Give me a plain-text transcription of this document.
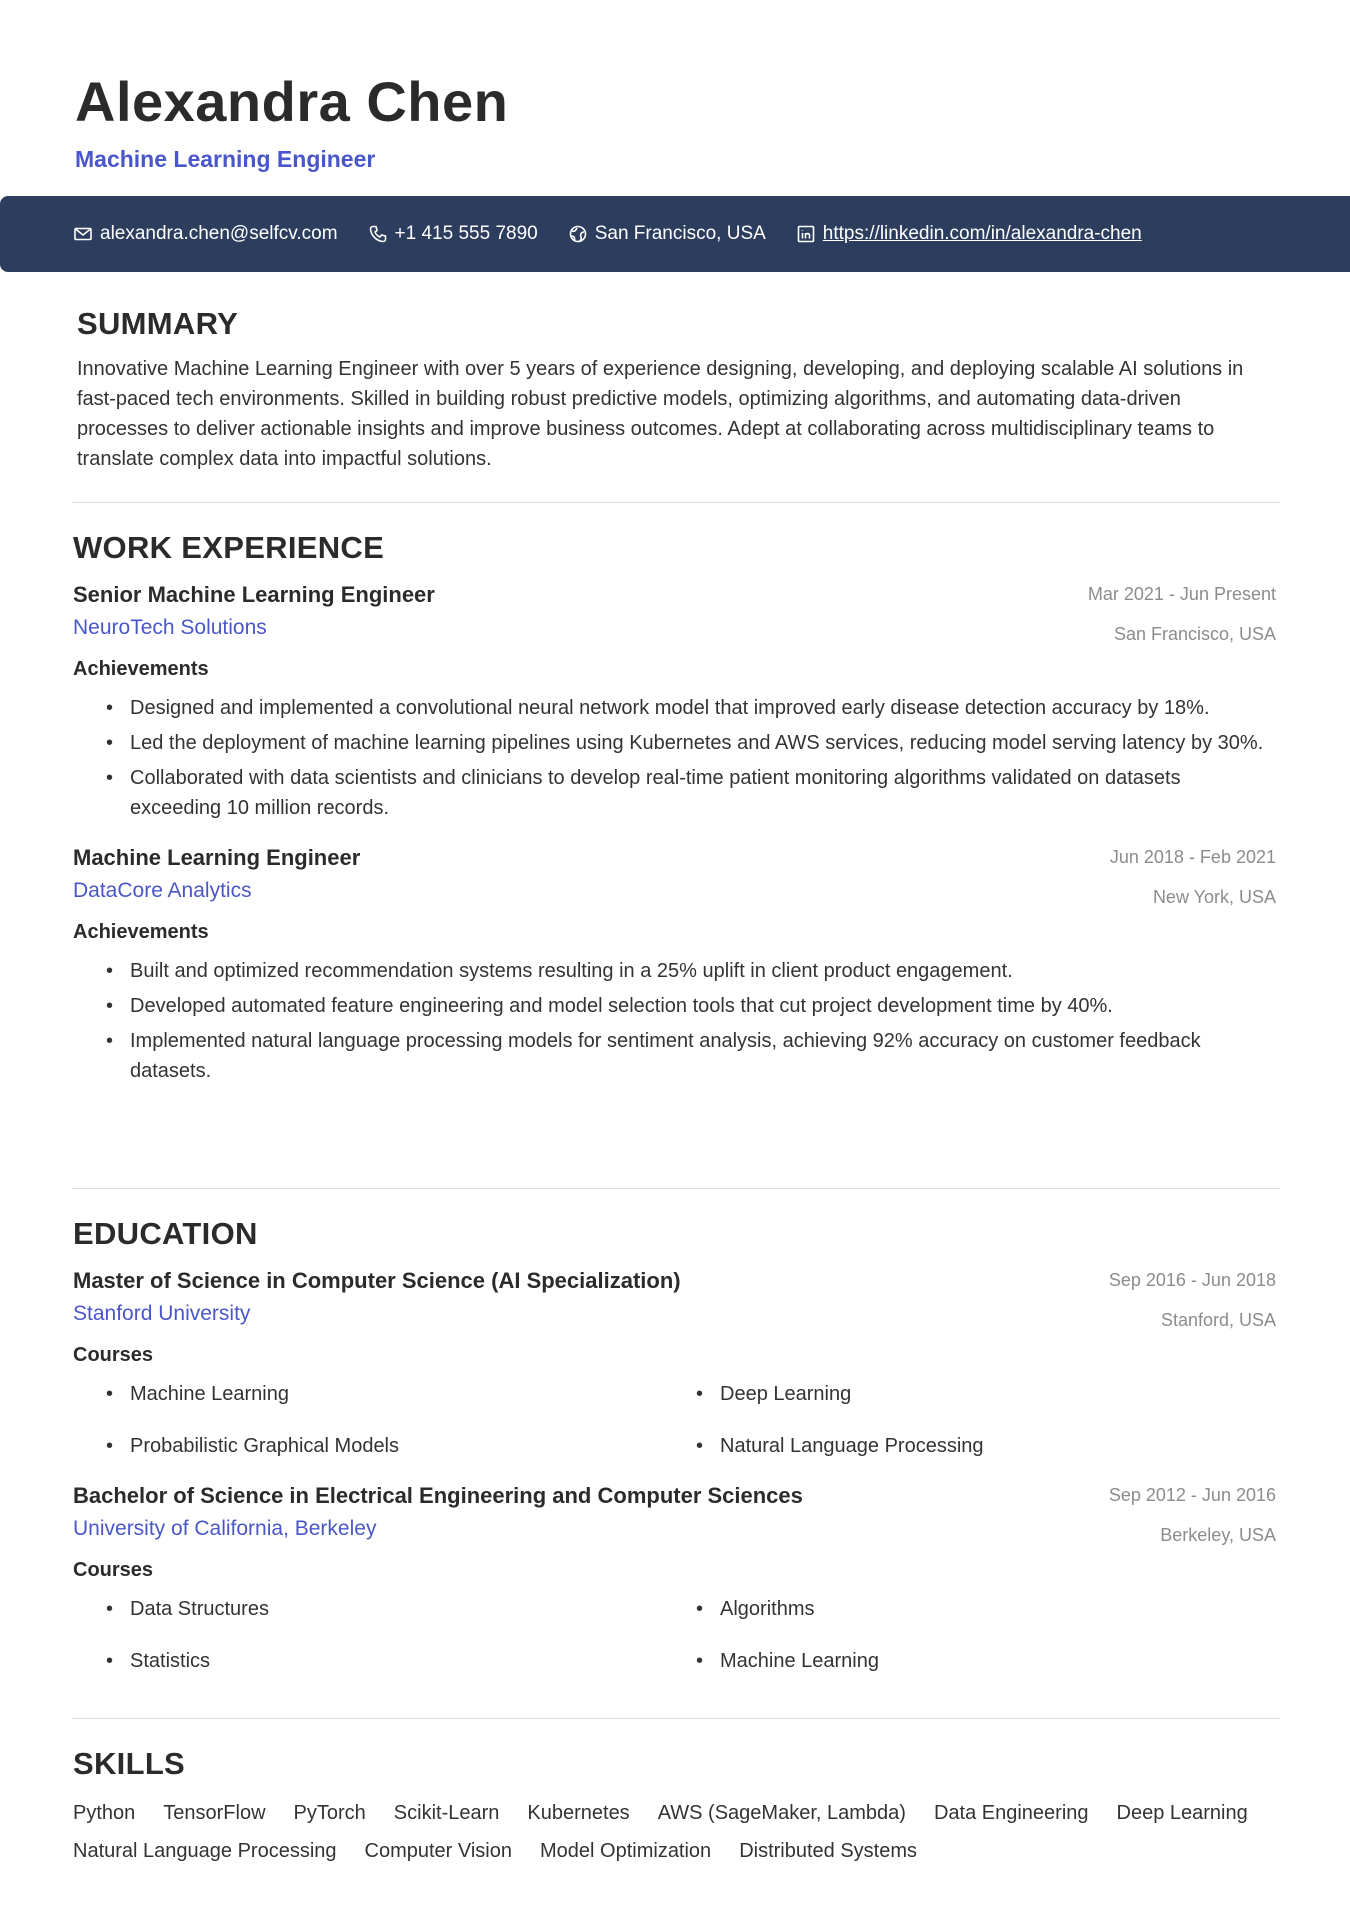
Alexandra Chen
Machine Learning Engineer
alexandra.chen@selfcv.com	+1 415 555 7890	San Francisco, USA	https://linkedin.com/in/alexandra-chen
SUMMARY
Innovative Machine Learning Engineer with over 5 years of experience designing, developing, and deploying scalable AI solutions in fast-paced tech environments. Skilled in building robust predictive models, optimizing algorithms, and automating data-driven processes to deliver actionable insights and improve business outcomes. Adept at collaborating across multidisciplinary teams to translate complex data into impactful solutions.
WORK EXPERIENCE
Senior Machine Learning Engineer
NeuroTech Solutions
Mar 2021 - Jun Present
San Francisco, USA
Achievements
• Designed and implemented a convolutional neural network model that improved early disease detection accuracy by 18%.
• Led the deployment of machine learning pipelines using Kubernetes and AWS services, reducing model serving latency by 30%.
• Collaborated with data scientists and clinicians to develop real-time patient monitoring algorithms validated on datasets exceeding 10 million records.
Machine Learning Engineer
DataCore Analytics
Jun 2018 - Feb 2021
New York, USA
Achievements
• Built and optimized recommendation systems resulting in a 25% uplift in client product engagement.
• Developed automated feature engineering and model selection tools that cut project development time by 40%.
• Implemented natural language processing models for sentiment analysis, achieving 92% accuracy on customer feedback datasets.
EDUCATION
Master of Science in Computer Science (AI Specialization)
Stanford University
Sep 2016 - Jun 2018
Stanford, USA
Courses
• Machine Learning	• Deep Learning
• Probabilistic Graphical Models	• Natural Language Processing
Bachelor of Science in Electrical Engineering and Computer Sciences
University of California, Berkeley
Sep 2012 - Jun 2016
Berkeley, USA
Courses
• Data Structures	• Algorithms
• Statistics	• Machine Learning
SKILLS
Python TensorFlow PyTorch Scikit-Learn Kubernetes AWS (SageMaker, Lambda) Data Engineering Deep Learning
Natural Language Processing Computer Vision Model Optimization Distributed Systems
